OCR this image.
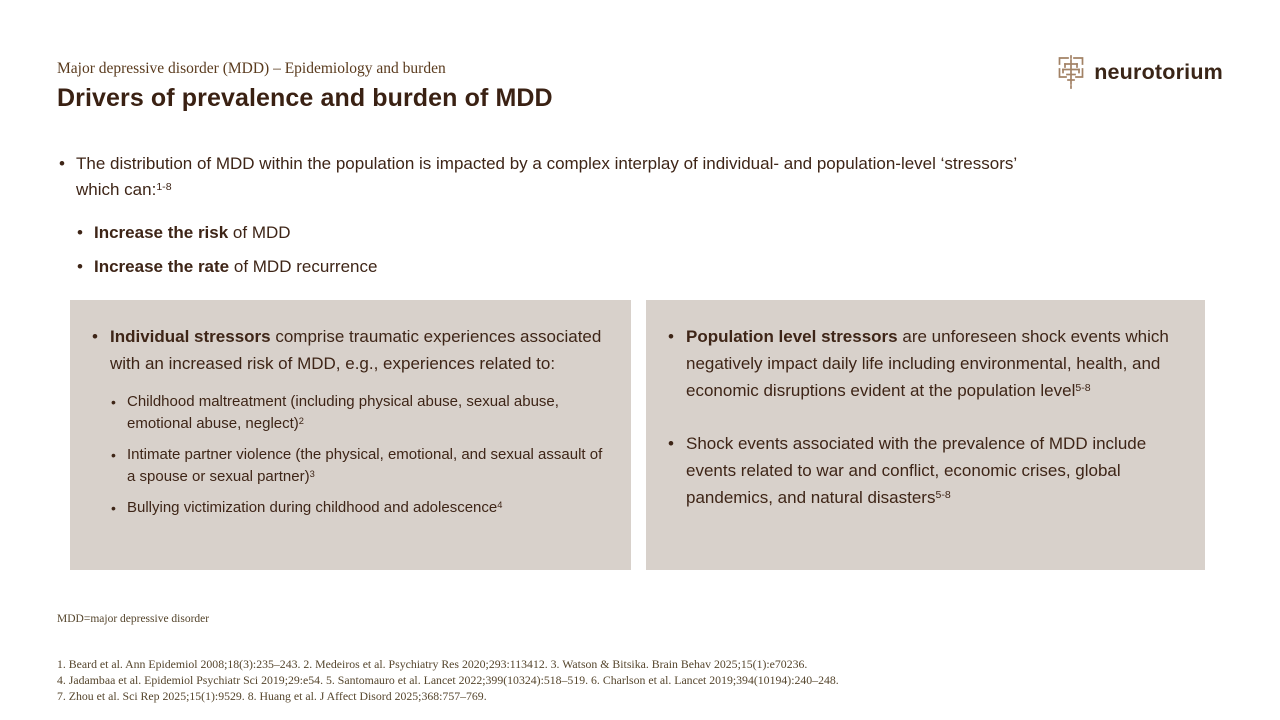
Major depressive disorder (MDD) – Epidemiology and burden
Drivers of prevalence and burden of MDD
neurotorium
• The distribution of MDD within the population is impacted by a complex interplay of individual- and population-level ‘stressors’ which can:$^{1-8}$
• Increase the risk of MDD
• Increase the rate of MDD recurrence
• Individual stressors comprise traumatic experiences associated with an increased risk of MDD, e.g., experiences related to:
• Childhood maltreatment (including physical abuse, sexual abuse, emotional abuse, neglect)$^2$
• Intimate partner violence (the physical, emotional, and sexual assault of a spouse or sexual partner)$^3$
• Bullying victimization during childhood and adolescence$^4$
• Population level stressors are unforeseen shock events which negatively impact daily life including environmental, health, and economic disruptions evident at the population level$^{5-8}$
• Shock events associated with the prevalence of MDD include events related to war and conflict, economic crises, global pandemics, and natural disasters$^{5-8}$
MDD=major depressive disorder
1. Beard et al. Ann Epidemiol 2008;18(3):235–243. 2. Medeiros et al. Psychiatry Res 2020;293:113412. 3. Watson & Bitsika. Brain Behav 2025;15(1):e70236.
4. Jadambaa et al. Epidemiol Psychiatr Sci 2019;29:e54. 5. Santomauro et al. Lancet 2022;399(10324):518–519. 6. Charlson et al. Lancet 2019;394(10194):240–248.
7. Zhou et al. Sci Rep 2025;15(1):9529. 8. Huang et al. J Affect Disord 2025;368:757–769.
